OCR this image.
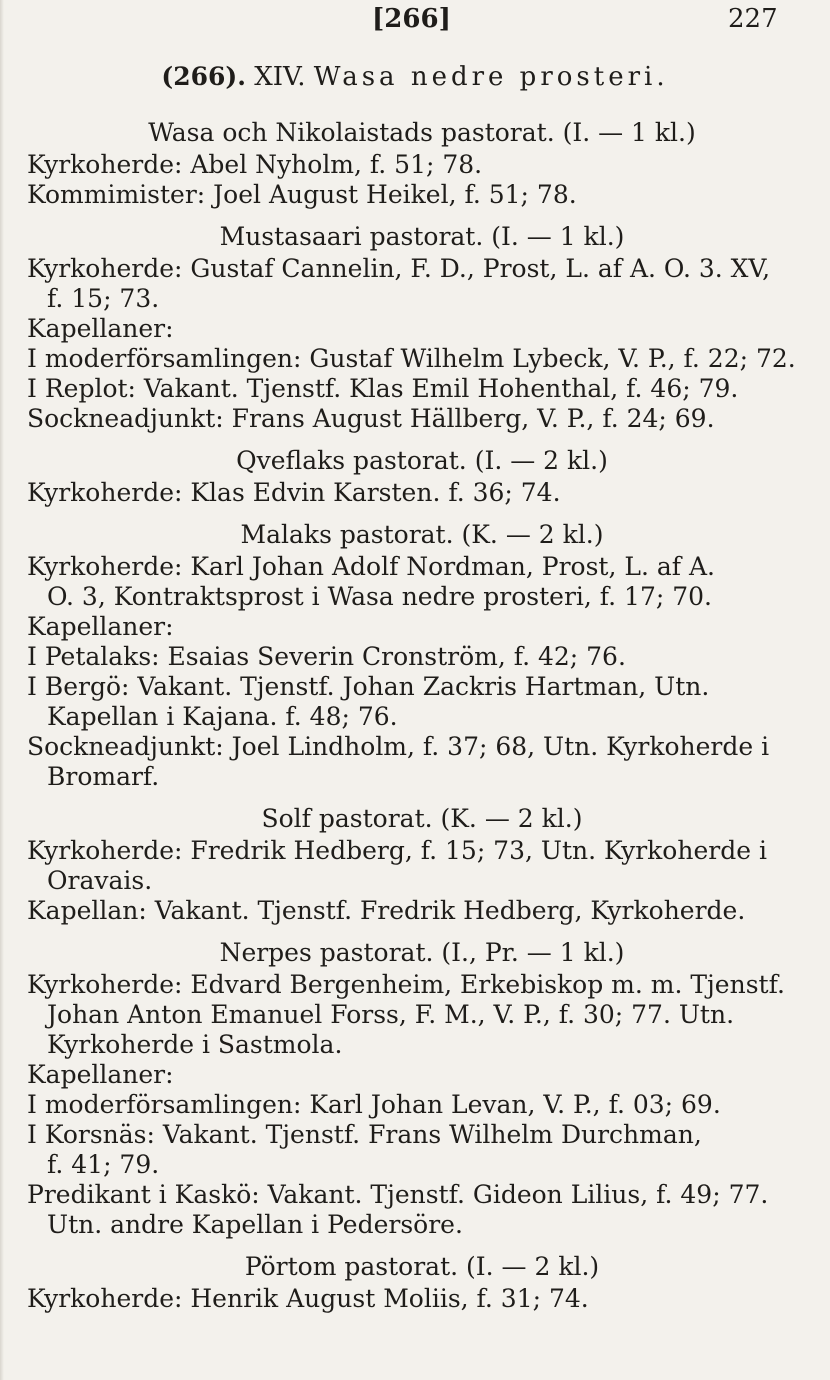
[266]	227
(266). XIV. Wasa nedre prosteri.
Wasa och Nikolaistads pastorat. (I. — 1 kl.)
Kyrkoherde: Abel Nyholm, f. 51; 78.
Kommimister: Joel August Heikel, f. 51; 78.
Mustasaari pastorat. (I. — 1 kl.)
Kyrkoherde: Gustaf Cannelin, F. D., Prost, L. af A. O. 3. XV,
f. 15; 73.
Kapellaner:
I moderförsamlingen: Gustaf Wilhelm Lybeck, V. P., f. 22; 72.
I Replot: Vakant. Tjenstf. Klas Emil Hohenthal, f. 46; 79.
Sockneadjunkt: Frans August Hällberg, V. P., f. 24; 69.
Qveflaks pastorat. (I. — 2 kl.)
Kyrkoherde: Klas Edvin Karsten. f. 36; 74.
Malaks pastorat. (K. — 2 kl.)
Kyrkoherde: Karl Johan Adolf Nordman, Prost, L. af A.
O. 3, Kontraktsprost i Wasa nedre prosteri, f. 17; 70.
Kapellaner:
I Petalaks: Esaias Severin Cronström, f. 42; 76.
I Bergö: Vakant. Tjenstf. Johan Zackris Hartman, Utn.
Kapellan i Kajana. f. 48; 76.
Sockneadjunkt: Joel Lindholm, f. 37; 68, Utn. Kyrkoherde i
Bromarf.
Solf pastorat. (K. — 2 kl.)
Kyrkoherde: Fredrik Hedberg, f. 15; 73, Utn. Kyrkoherde i
Oravais.
Kapellan: Vakant. Tjenstf. Fredrik Hedberg, Kyrkoherde.
Nerpes pastorat. (I., Pr. — 1 kl.)
Kyrkoherde: Edvard Bergenheim, Erkebiskop m. m. Tjenstf.
Johan Anton Emanuel Forss, F. M., V. P., f. 30; 77. Utn.
Kyrkoherde i Sastmola.
Kapellaner:
I moderförsamlingen: Karl Johan Levan, V. P., f. 03; 69.
I Korsnäs: Vakant. Tjenstf. Frans Wilhelm Durchman,
f. 41; 79.
Predikant i Kaskö: Vakant. Tjenstf. Gideon Lilius, f. 49; 77.
Utn. andre Kapellan i Pedersöre.
Pörtom pastorat. (I. — 2 kl.)
Kyrkoherde: Henrik August Moliis, f. 31; 74.
